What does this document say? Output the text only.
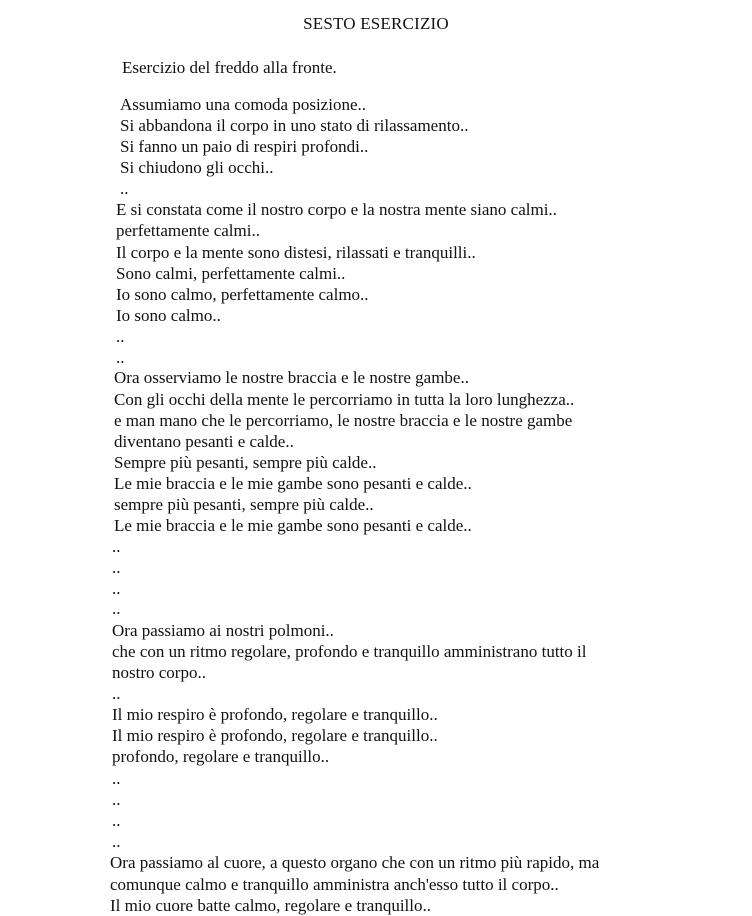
SESTO ESERCIZIO
Esercizio del freddo alla fronte.
Assumiamo una comoda posizione..
Si abbandona il corpo in uno stato di rilassamento..
Si fanno un paio di respiri profondi..
Si chiudono gli occhi..
..
E si constata come il nostro corpo e la nostra mente siano calmi..
perfettamente calmi..
Il corpo e la mente sono distesi, rilassati e tranquilli..
Sono calmi, perfettamente calmi..
Io sono calmo, perfettamente calmo..
Io sono calmo..
..
..
Ora osserviamo le nostre braccia e le nostre gambe..
Con gli occhi della mente le percorriamo in tutta la loro lunghezza..
e man mano che le percorriamo, le nostre braccia e le nostre gambe
diventano pesanti e calde..
Sempre più pesanti, sempre più calde..
Le mie braccia e le mie gambe sono pesanti e calde..
sempre più pesanti, sempre più calde..
Le mie braccia e le mie gambe sono pesanti e calde..
..
..
..
..
Ora passiamo ai nostri polmoni..
che con un ritmo regolare, profondo e tranquillo amministrano tutto il
nostro corpo..
..
Il mio respiro è profondo, regolare e tranquillo..
Il mio respiro è profondo, regolare e tranquillo..
profondo, regolare e tranquillo..
..
..
..
..
Ora passiamo al cuore, a questo organo che con un ritmo più rapido, ma
comunque calmo e tranquillo amministra anch'esso tutto il corpo..
Il mio cuore batte calmo, regolare e tranquillo..
